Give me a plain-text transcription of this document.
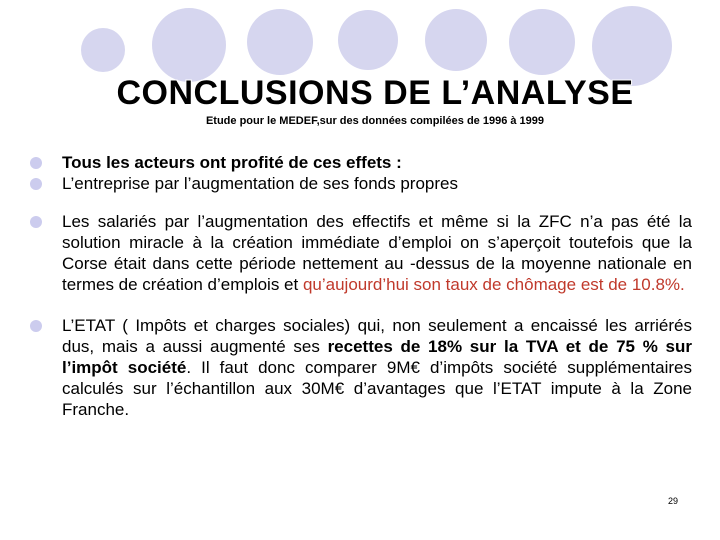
CONCLUSIONS DE L’ANALYSE
Etude pour le MEDEF,sur des données compilées de 1996 à 1999
Tous les acteurs ont profité de ces effets :
L’entreprise par l’augmentation de ses fonds propres
Les salariés par l’augmentation des effectifs et même si la ZFC n’a pas été la solution miracle à la création immédiate d’emploi on s’aperçoit toutefois que la Corse était dans cette période nettement au -dessus de la moyenne nationale en termes de création d’emplois et qu’aujourd’hui son taux de chômage est de 10.8%.
L’ETAT ( Impôts et charges sociales) qui, non seulement a encaissé les arriérés dus, mais a aussi augmenté ses recettes de 18% sur la TVA et de 75 % sur l’impôt société. Il faut donc comparer 9M€ d’impôts société supplémentaires calculés sur l’échantillon aux 30M€ d’avantages que l’ETAT impute à la Zone Franche.
29
